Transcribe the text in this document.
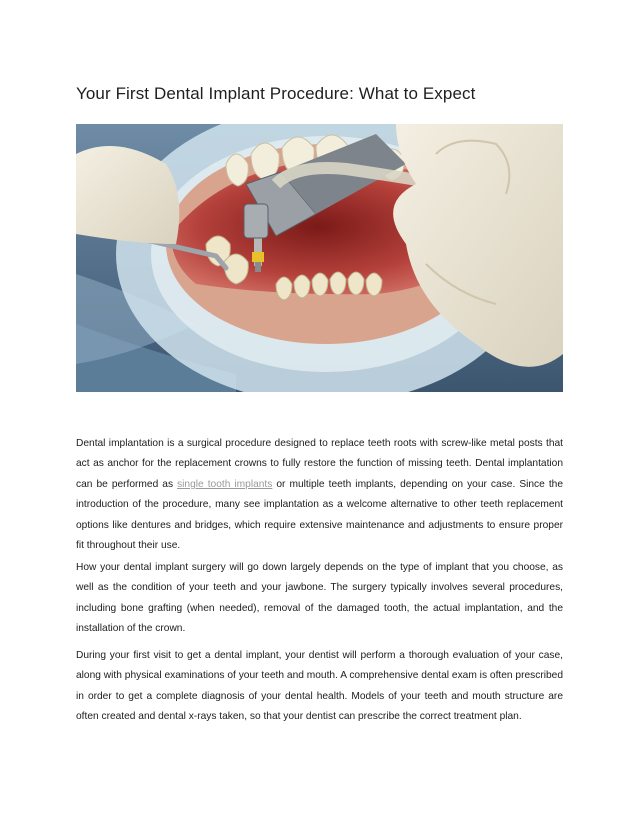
Your First Dental Implant Procedure: What to Expect

Dental implantation is a surgical procedure designed to replace teeth roots with screw-like metal posts that act as anchor for the replacement crowns to fully restore the function of missing teeth. Dental implantation can be performed as single tooth implants or multiple teeth implants, depending on your case. Since the introduction of the procedure, many see implantation as a welcome alternative to other teeth replacement options like dentures and bridges, which require extensive maintenance and adjustments to ensure proper fit throughout their use.

How your dental implant surgery will go down largely depends on the type of implant that you choose, as well as the condition of your teeth and your jawbone. The surgery typically involves several procedures, including bone grafting (when needed), removal of the damaged tooth, the actual implantation, and the installation of the crown.

During your first visit to get a dental implant, your dentist will perform a thorough evaluation of your case, along with physical examinations of your teeth and mouth. A comprehensive dental exam is often prescribed in order to get a complete diagnosis of your dental health. Models of your teeth and mouth structure are often created and dental x-rays taken, so that your dentist can prescribe the correct treatment plan.
